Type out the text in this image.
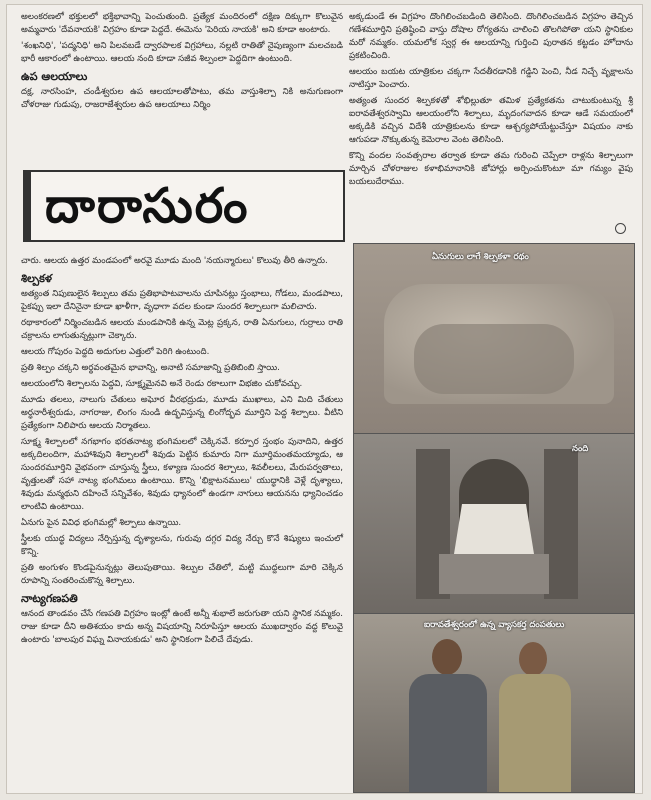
అలంకరణలో భక్తులలో భక్తిభావాన్ని పెంచుతుంది. ప్రత్యేక మందిరంలో దక్షిణ దిక్కుగా కొలువైన అమ్మవారు 'దేవనాయకి' విగ్రహం కూడా పెద్దదే. ఈమెను 'పెరియ నాయకి' అని కూడా అంటారు.

'శంఖనిధి', 'పద్మనిధి' అని పిలవబడే ద్వారపాలక విగ్రహాలు, నల్లటి రాతితో నైపుణ్యంగా మలచబడి భారీ ఆకారంలో ఉంటాయి. ఆలయ నంది కూడా సజీవ శిల్పంలా పెద్దదిగా ఉంటుంది.

ఉప ఆలయాలు

దక్ష, నారసింహ, చండీశ్వరుల ఉప ఆలయాలతోపాటు, తమ వాస్తుశిల్పా నికి అనుగుణంగా చోళరాజు గుడుపు, రాజరాజేశ్వరుల ఉప ఆలయాలు నిర్మిం

దారాసురం

చారు. ఆలయ ఉత్తర మండపంలో అరవై మూడు మంది 'నయన్మారులు' కొలువు తీరి ఉన్నారు.

శిల్పకళ

అత్యంత నిపుణులైన శిల్పులు తమ ప్రతిభాపాటవాలను చూపినట్లు స్తంభాలు, గోడలు, మండపాలు, పైకప్పు ఇలా దేనినైనా కూడా ఖాళీగా, వృధాగా వదల కుండా సుందర శిల్పాలుగా మలిచారు.

రథాకారంలో నిర్మించబడిన ఆలయ మండపానికి ఉన్న మెట్ల ప్రక్కన, రాతి ఏనుగులు, గుర్రాలు రాతి చక్రాలను లాగుతున్నట్లుగా చెక్కారు.

ఆలయ గోపురం పెద్దది అదుగుల ఎత్తులో పెరిగి ఉంటుంది.

ప్రతి శిల్పం చక్కని అర్థవంతమైన భావాన్ని, అనాటి సమాజాన్ని ప్రతిబింబి స్తాయి.

ఆలయంలోని శిల్పాలను పెద్దవి, సూక్ష్మమైనవి అనే రెండు రకాలుగా విభజిం చుకోవచ్చు.

మూడు తలలు, నాలుగు చేతులు అఘోర వీరభద్రుడు, మూడు ముఖాలు, ఎని మిది చేతులు అర్ధనారీశ్వరుడు, నాగరాజు, లింగం నుండి ఉద్భవిస్తున్న లింగోద్భవ మూర్తిని పెద్ద శిల్పాలు. వీటిని ప్రత్యేకంగా నిలిపారు ఆలయ నిర్మాతలు.

సూక్ష్మ శిల్పాలలో నగభాగం భరతనాట్య భంగిమలలో చెక్కినవే. కర్పూర స్తంభం పునాదిని, ఉత్తర అక్కదిలందిగా, మహాశివుని శిల్పాలలో శివుడు పెట్టిన కుమారు నిగా మూర్తిమంతమయ్యాడు, ఆ సుందరమూర్తిని వైభవంగా చూస్తున్న స్త్రీలు, కళ్యాణ సుందర శిల్పాలు, శివలీలలు, మేరుపర్వతాలు, వృత్తులతో సహా నాట్య భంగిమలు ఉంటాయి. కొన్ని 'భిక్షాటనములు' యుద్ధానికి వెళ్లే దృశ్యాలు, శివుడు మన్మథుని దహించే సన్నివేశం, శివుడు ధ్యానంలో ఉండగా నాగులు ఆయనను ధ్యానించడం లాంటివి ఉంటాయి.

ఏనుగు పైన వివిధ భంగిమల్లో శిల్పాలు ఉన్నాయి.

స్త్రీలకు యుద్ధ విద్యలు నేర్పిస్తున్న దృశ్యాలను, గురువు దగ్గర విద్య నేర్చు కొనే శిష్యులు ఇంచులో కొన్ని.

ప్రతి అంగుళం కొండపైనున్నట్లు తెలుపుతాయి. శిల్పుల చేతిలో, మట్టి ముద్దలుగా మారి చెక్కిన రూపాన్ని సంతరించుకొన్న శిల్పాలు.

నాట్యగణపతి

ఆనంద తాండవం చేసే గణపతి విగ్రహం ఇంట్లో ఉంటే అన్నీ శుభాలే జరుగుతా యని స్థానిక నమ్మకం. రాజు కూడా దీని అతిశయం కాదు అన్న విషయాన్ని నిరూపిస్తూ ఆలయ ముఖద్వారం వద్ద కొలువై ఉంటారు 'బాలపుర విఘ్న వినాయకుడు' అని స్థానికంగా పిలిచే దేవుడు.

అక్కడుండే ఈ విగ్రహం దొంగిలించబడింది తెలిసింది. దొంగిలించబడిన విగ్రహం తెచ్చిన గణేశమూర్తిని ప్రతిష్ఠించి వాస్తు దోషాల రోగ్యతను చాలించి తొలగిపోతా యని స్థానికుల మరో నమ్మకం. యమలోక స్వర్గ ఈ ఆలయాన్ని గుర్తించి పురాతన కట్టడం హోదాను ప్రకటించింది.

ఆలయం బయట యాత్రికుల చక్కగా సేదతీరడానికి గడ్డిని పెంచి, నీడ నిచ్చే వృక్షాలను నాటిస్తూ పెంచారు.

అత్యంత సుందర శిల్పకళతో శోభిల్లుతూ తమిళ ప్రత్యేకతను చాటుకుంటున్న శ్రీ ఐరావతేశ్వరస్వామి ఆలయంలోని శిల్పాలు, మృదంగవాదన కూడా ఆడే సమయంలో అక్కడికి వచ్చిన విదేశీ యాత్రికులను కూడా ఆశ్చర్యపోయేట్టుచేస్తూ విషయం నాకు ఆగుపడా నొక్కుతున్న కెమెరాల వెంట తెలిసింది.

కొన్ని వందల సంవత్సరాల తర్వాత కూడా తమ గురించి చెప్పేలా రాళ్లను శిల్పాలుగా మార్చిన చోళరాజుల కళాభిమానానికి జోహార్లు అర్పించుకొంటూ మా గమ్యం వైపు బయలుదేరాము.

ఏనుగులు లాగే శిల్పకళా రథం
నంది
ఐరావతేశ్వరంలో ఉన్న వ్యాసకర్త దంపతులు
